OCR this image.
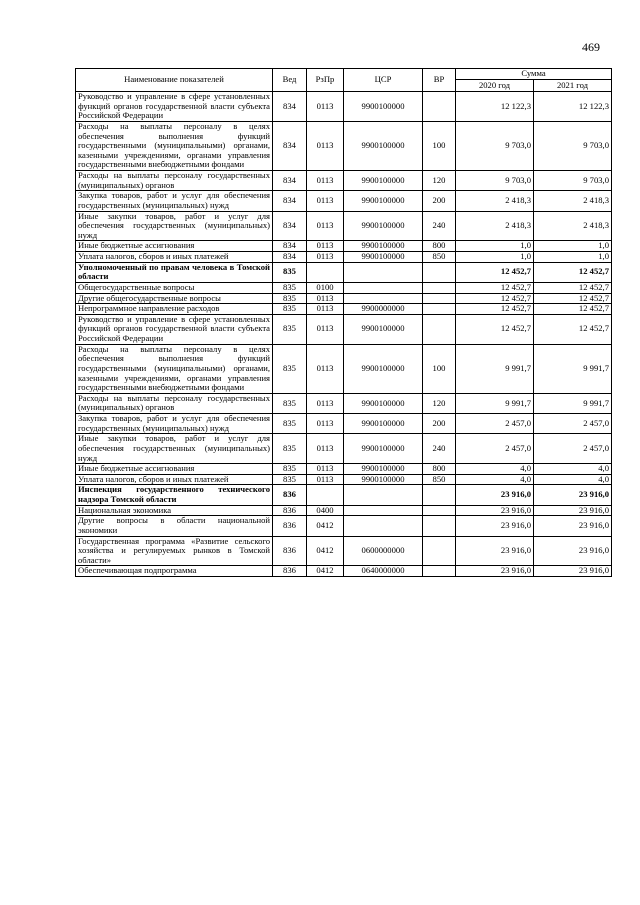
469
Наименование показателей	Вед	РзПр	ЦСР	ВР	Сумма	
					2020 год	2021 год
Руководство и управление в сфере установленных функций органов государственной власти субъекта Российской Федерации	834	0113	9900100000		12 122,3	12 122,3
Расходы на выплаты персоналу в целях обеспечения выполнения функций государственными (муниципальными) органами, казенными учреждениями, органами управления государственными внебюджетными фондами	834	0113	9900100000	100	9 703,0	9 703,0
Расходы на выплаты персоналу государственных (муниципальных) органов	834	0113	9900100000	120	9 703,0	9 703,0
Закупка товаров, работ и услуг для обеспечения государственных (муниципальных) нужд	834	0113	9900100000	200	2 418,3	2 418,3
Иные закупки товаров, работ и услуг для обеспечения государственных (муниципальных) нужд	834	0113	9900100000	240	2 418,3	2 418,3
Иные бюджетные ассигнования	834	0113	9900100000	800	1,0	1,0
Уплата налогов, сборов и иных платежей	834	0113	9900100000	850	1,0	1,0
Уполномоченный по правам человека в Томской области	835				12 452,7	12 452,7
Общегосударственные вопросы	835	0100			12 452,7	12 452,7
Другие общегосударственные вопросы	835	0113			12 452,7	12 452,7
Непрограммное направление расходов	835	0113	9900000000		12 452,7	12 452,7
Руководство и управление в сфере установленных функций органов государственной власти субъекта Российской Федерации	835	0113	9900100000		12 452,7	12 452,7
Расходы на выплаты персоналу в целях обеспечения выполнения функций государственными (муниципальными) органами, казенными учреждениями, органами управления государственными внебюджетными фондами	835	0113	9900100000	100	9 991,7	9 991,7
Расходы на выплаты персоналу государственных (муниципальных) органов	835	0113	9900100000	120	9 991,7	9 991,7
Закупка товаров, работ и услуг для обеспечения государственных (муниципальных) нужд	835	0113	9900100000	200	2 457,0	2 457,0
Иные закупки товаров, работ и услуг для обеспечения государственных (муниципальных) нужд	835	0113	9900100000	240	2 457,0	2 457,0
Иные бюджетные ассигнования	835	0113	9900100000	800	4,0	4,0
Уплата налогов, сборов и иных платежей	835	0113	9900100000	850	4,0	4,0
Инспекция государственного технического надзора Томской области	836				23 916,0	23 916,0
Национальная экономика	836	0400			23 916,0	23 916,0
Другие вопросы в области национальной экономики	836	0412			23 916,0	23 916,0
Государственная программа «Развитие сельского хозяйства и регулируемых рынков в Томской области»	836	0412	0600000000		23 916,0	23 916,0
Обеспечивающая подпрограмма	836	0412	0640000000		23 916,0	23 916,0
